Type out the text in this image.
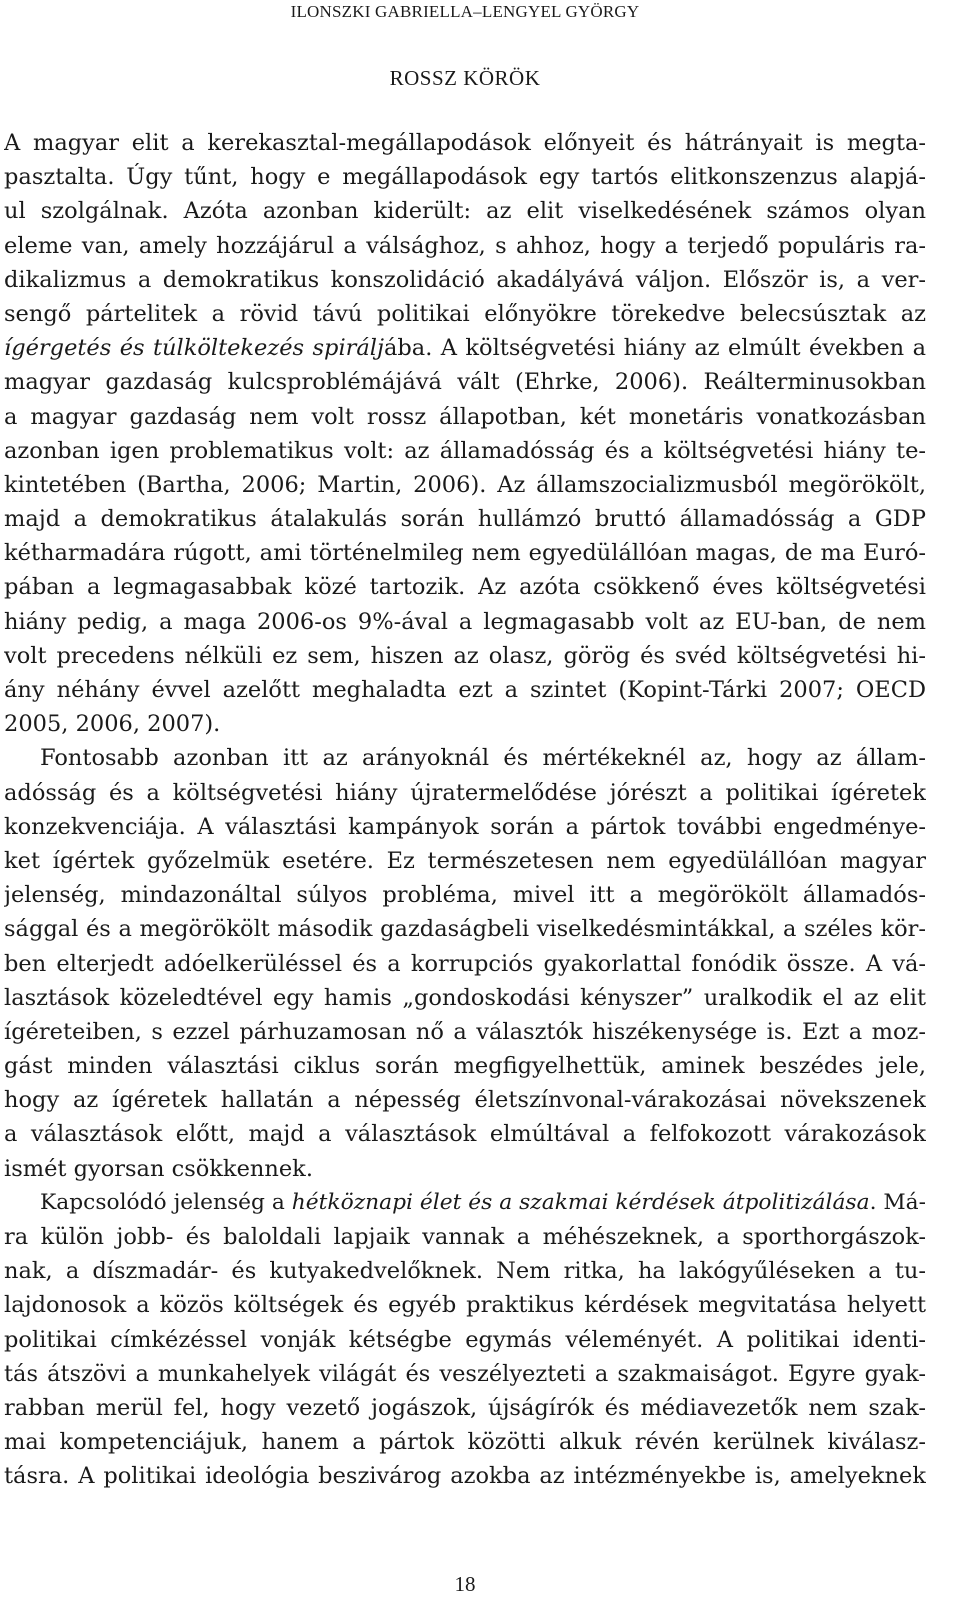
ILONSZKI GABRIELLA–LENGYEL GYÖRGY
ROSSZ KÖRÖK
A magyar elit a kerekasztal-megállapodások előnyeit és hátrányait is megta-
pasztalta. Úgy tűnt, hogy e megállapodások egy tartós elitkonszenzus alapjá-
ul szolgálnak. Azóta azonban kiderült: az elit viselkedésének számos olyan
eleme van, amely hozzájárul a válsághoz, s ahhoz, hogy a terjedő populáris ra-
dikalizmus a demokratikus konszolidáció akadályává váljon. Először is, a ver-
sengő pártelitek a rövid távú politikai előnyökre törekedve belecsúsztak az
ígérgetés és túlköltekezés spiráljába. A költségvetési hiány az elmúlt években a
magyar gazdaság kulcsproblémájává vált (Ehrke, 2006). Reálterminusokban
a magyar gazdaság nem volt rossz állapotban, két monetáris vonatkozásban
azonban igen problematikus volt: az államadósság és a költségvetési hiány te-
kintetében (Bartha, 2006; Martin, 2006). Az államszocializmusból megörökölt,
majd a demokratikus átalakulás során hullámzó bruttó államadósság a GDP
kétharmadára rúgott, ami történelmileg nem egyedülállóan magas, de ma Euró-
pában a legmagasabbak közé tartozik. Az azóta csökkenő éves költségvetési
hiány pedig, a maga 2006-os 9%-ával a legmagasabb volt az EU-ban, de nem
volt precedens nélküli ez sem, hiszen az olasz, görög és svéd költségvetési hi-
ány néhány évvel azelőtt meghaladta ezt a szintet (Kopint-Tárki 2007; OECD
2005, 2006, 2007).
Fontosabb azonban itt az arányoknál és mértékeknél az, hogy az állam-
adósság és a költségvetési hiány újratermelődése jórészt a politikai ígéretek
konzekvenciája. A választási kampányok során a pártok további engedménye-
ket ígértek győzelmük esetére. Ez természetesen nem egyedülállóan magyar
jelenség, mindazonáltal súlyos probléma, mivel itt a megörökölt államadós-
sággal és a megörökölt második gazdaságbeli viselkedésmintákkal, a széles kör-
ben elterjedt adóelkerüléssel és a korrupciós gyakorlattal fonódik össze. A vá-
lasztások közeledtével egy hamis „gondoskodási kényszer” uralkodik el az elit
ígéreteiben, s ezzel párhuzamosan nő a választók hiszékenysége is. Ezt a moz-
gást minden választási ciklus során megfigyelhettük, aminek beszédes jele,
hogy az ígéretek hallatán a népesség életszínvonal-várakozásai növekszenek
a választások előtt, majd a választások elmúltával a felfokozott várakozások
ismét gyorsan csökkennek.
Kapcsolódó jelenség a hétköznapi élet és a szakmai kérdések átpolitizálása. Má-
ra külön jobb- és baloldali lapjaik vannak a méhészeknek, a sporthorgászok-
nak, a díszmadár- és kutyakedvelőknek. Nem ritka, ha lakógyűléseken a tu-
lajdonosok a közös költségek és egyéb praktikus kérdések megvitatása helyett
politikai címkézéssel vonják kétségbe egymás véleményét. A politikai identi-
tás átszövi a munkahelyek világát és veszélyezteti a szakmaiságot. Egyre gyak-
rabban merül fel, hogy vezető jogászok, újságírók és médiavezetők nem szak-
mai kompetenciájuk, hanem a pártok közötti alkuk révén kerülnek kiválasz-
tásra. A politikai ideológia beszivárog azokba az intézményekbe is, amelyeknek
18
